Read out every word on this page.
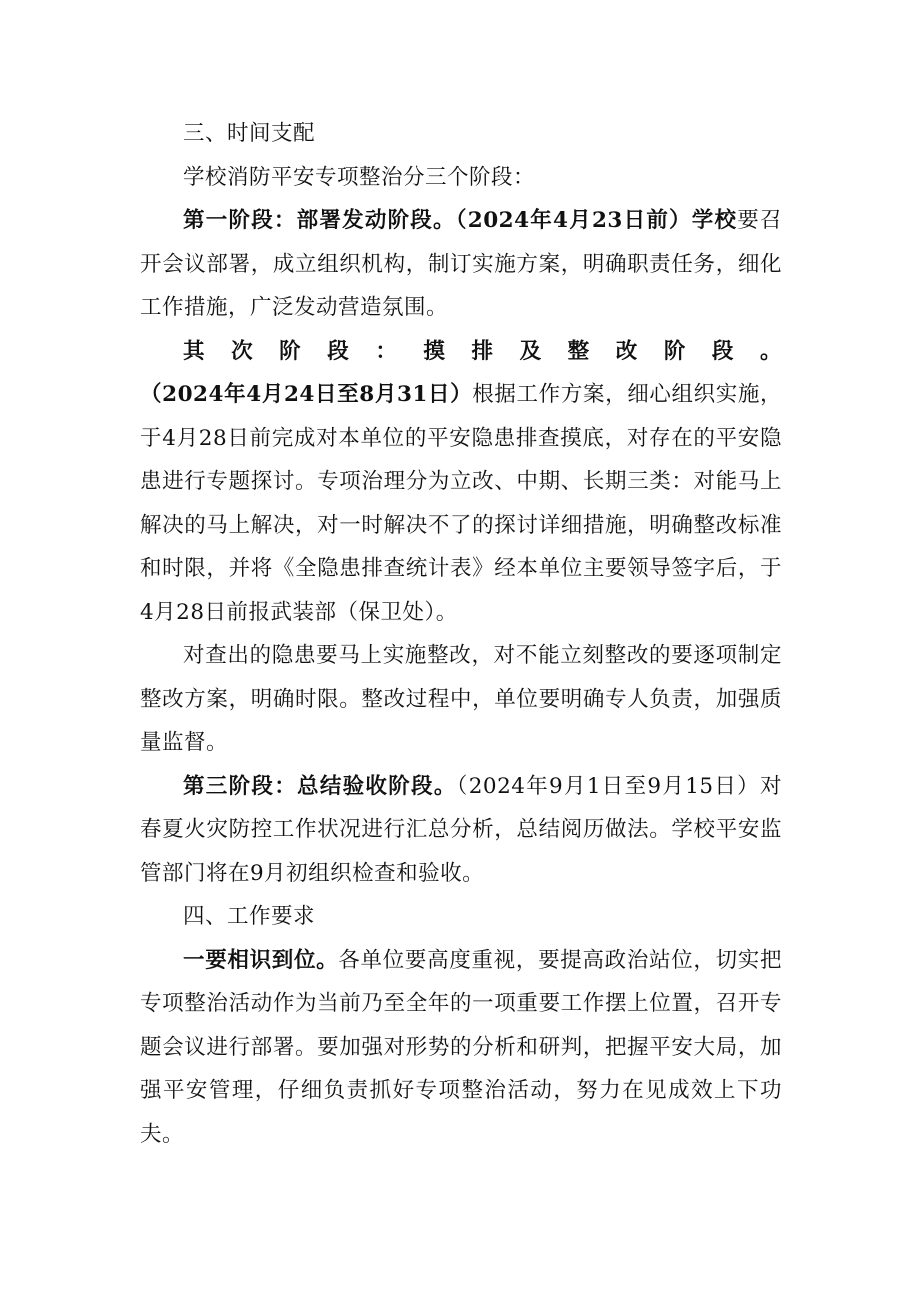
三、时间支配

学校消防平安专项整治分三个阶段：

第一阶段：部署发动阶段。（2024年4月23日前）学校要召开会议部署，成立组织机构，制订实施方案，明确职责任务，细化工作措施，广泛发动营造氛围。

其次阶段：摸排及整改阶段。（2024年4月24日至8月31日）根据工作方案，细心组织实施，于4月28日前完成对本单位的平安隐患排查摸底，对存在的平安隐患进行专题探讨。专项治理分为立改、中期、长期三类：对能马上解决的马上解决，对一时解决不了的探讨详细措施，明确整改标准和时限，并将《全隐患排查统计表》经本单位主要领导签字后，于4月28日前报武装部（保卫处）。

对查出的隐患要马上实施整改，对不能立刻整改的要逐项制定整改方案，明确时限。整改过程中，单位要明确专人负责，加强质量监督。

第三阶段：总结验收阶段。（2024年9月1日至9月15日）对春夏火灾防控工作状况进行汇总分析，总结阅历做法。学校平安监管部门将在9月初组织检查和验收。

四、工作要求

一要相识到位。各单位要高度重视，要提高政治站位，切实把专项整治活动作为当前乃至全年的一项重要工作摆上位置，召开专题会议进行部署。要加强对形势的分析和研判，把握平安大局，加强平安管理，仔细负责抓好专项整治活动，努力在见成效上下功夫。
